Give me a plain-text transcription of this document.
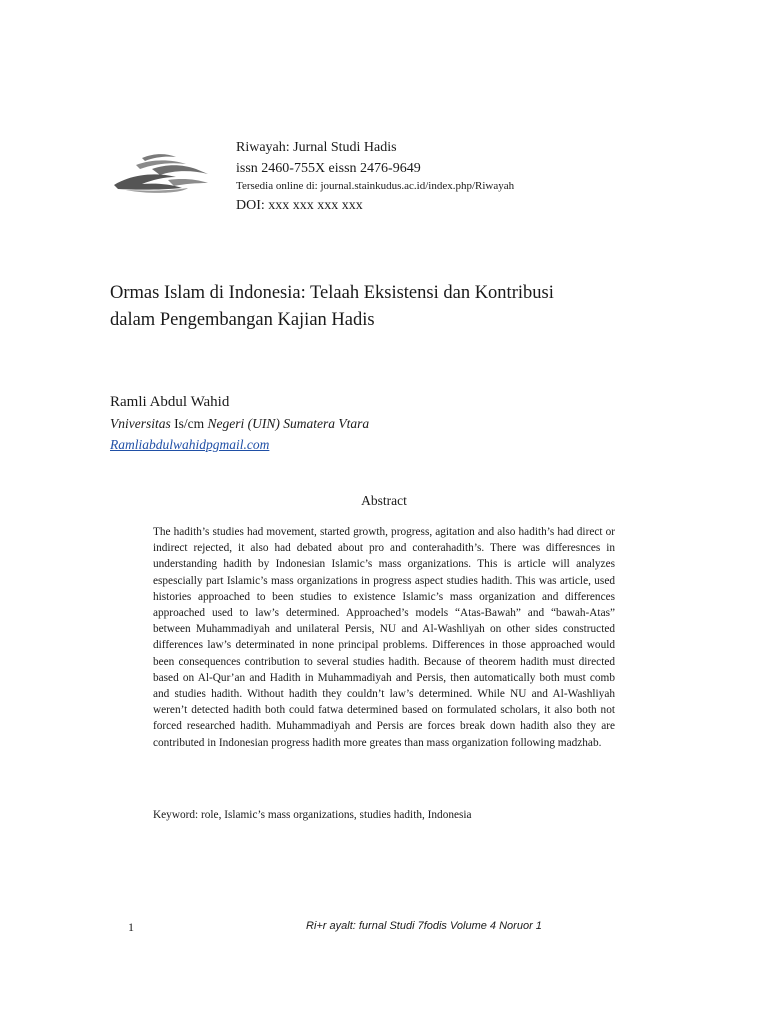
Riwayah: Jurnal Studi Hadis
issn 2460-755X eissn 2476-9649
Tersedia online di: journal.stainkudus.ac.id/index.php/Riwayah
DOI: xxx xxx xxx xxx
Ormas Islam di Indonesia: Telaah Eksistensi dan Kontribusi
dalam Pengembangan Kajian Hadis
Ramli Abdul Wahid
Vniversitas Is/cm Negeri (UIN) Sumatera Vtara
Ramliabdulwahidpgmail.com
Abstract

The hadith’s studies had movement, started growth, progress, agitation and also hadith’s had direct or indirect rejected, it also had debated about pro and conterahadith’s. There was differesnces in understanding hadith by Indonesian Islamic’s mass organizations. This is article will analyzes espescially part Islamic’s mass organizations in progress aspect studies hadith. This was article, used histories approached to been studies to existence Islamic’s mass organization and differences approached used to law’s determined. Approached’s models “Atas-Bawah” and “bawah-Atas” between Muhammadiyah and unilateral Persis, NU and Al-Washliyah on other sides constructed differences law’s determinated in none principal problems. Differences in those approached would been consequences contribution to several studies hadith. Because of theorem hadith must directed based on Al-Qur’an and Hadith in Muhammadiyah and Persis, then automatically both must comb and studies hadith. Without hadith they couldn’t law’s determined. While NU and Al-Washliyah weren’t detected hadith both could fatwa determined based on formulated scholars, it also both not forced researched hadith. Muhammadiyah and Persis are forces break down hadith also they are contributed in Indonesian progress hadith more greates than mass organization following madzhab.

Keyword: role, Islamic’s mass organizations, studies hadith, Indonesia
1	Ri+r ayalt: furnal Studi 7fodis Volume 4 Noruor 1
